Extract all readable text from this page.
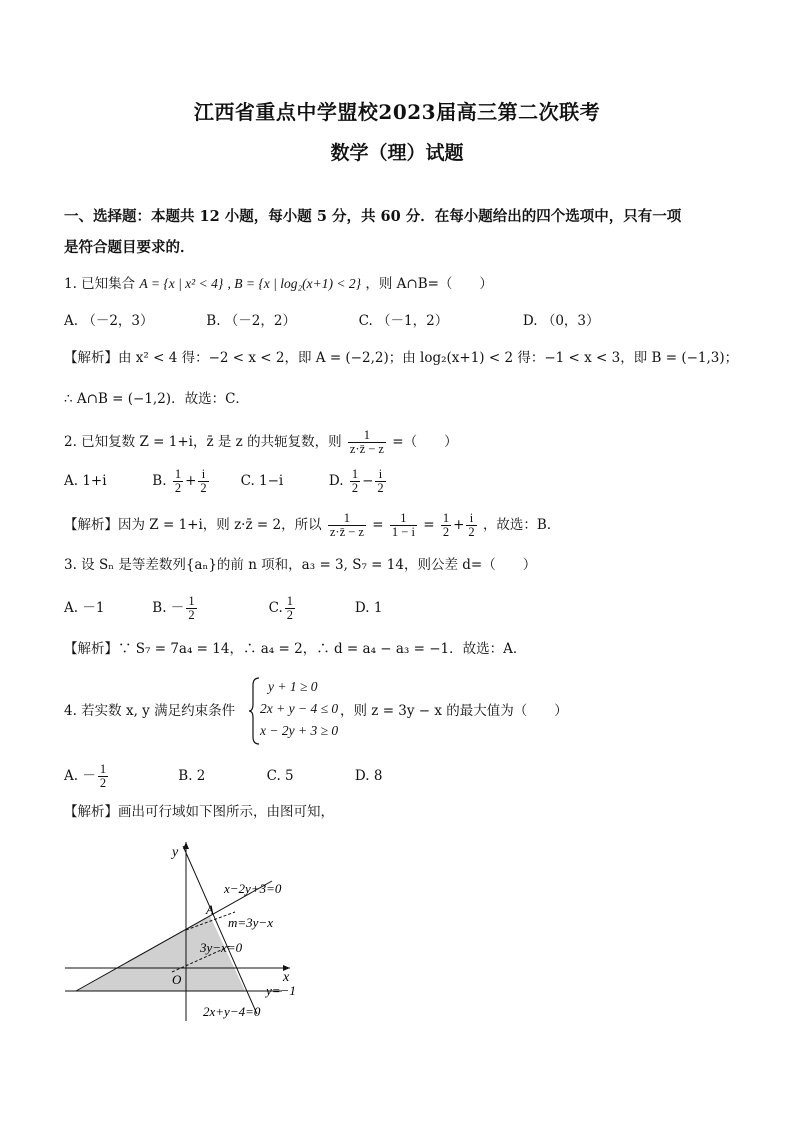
江西省重点中学盟校2023届高三第二次联考
数学（理）试题
一、选择题：本题共 12 小题，每小题 5 分，共 60 分．在每小题给出的四个选项中，只有一项
是符合题目要求的．
1. 已知集合 A = {x | x² < 4} , B = {x | log₂(x+1) < 2} ，则 A∩B=（　　）
A. （－2，3）	B. （－2，2）	C. （－1，2）	D. （0，3）
【解析】由 x² < 4 得：−2 < x < 2，即 A = (−2,2)；由 log₂(x+1) < 2 得：−1 < x < 3，即 B = (−1,3)；
∴ A∩B = (−1,2)．故选：C．
2. 已知复数 Z = 1+i，z̄ 是 z 的共轭复数，则 $\frac{1}{z\cdot z̄ - z}$ =（　　）
A. 1+i	B. $\frac{1}{2} + \frac{i}{2} C$. 1−i	D. $\frac{1}{2} - \frac{i}{2}$
【解析】因为 Z = 1+i，则 z·z̄ = 2，所以 $\frac{1}{z\cdot z̄ - z} = \frac{1}{1 - i} = \frac{1}{2} + \frac{i}{2}$ ，故选：B．
3. 设 Sₙ 是等差数列{aₙ}的前 n 项和，a₃ = 3, S₇ = 14，则公差 d=（　　）
A. －1	B. － $\frac{1}{2}$	C. $\frac{1}{2}$	D. 1
【解析】∵ S₇ = 7a₄ = 14，∴ a₄ = 2，∴ d = a₄ − a₃ = −1．故选：A．
4. 若实数 x, y 满足约束条件
y + 1 ≥ 0
2x + y − 4 ≤ 0
x − 2y + 3 ≥ 0
，则 z = 3y − x 的最大值为（　　）
A. － $\frac{1}{2}$	B. 2	C. 5	D. 8
【解析】画出可行域如下图所示，由图可知，
y
x
O
A
x−2y+3=0
m=3y−x
3y−x=0
y=−1
2x+y−4=0
